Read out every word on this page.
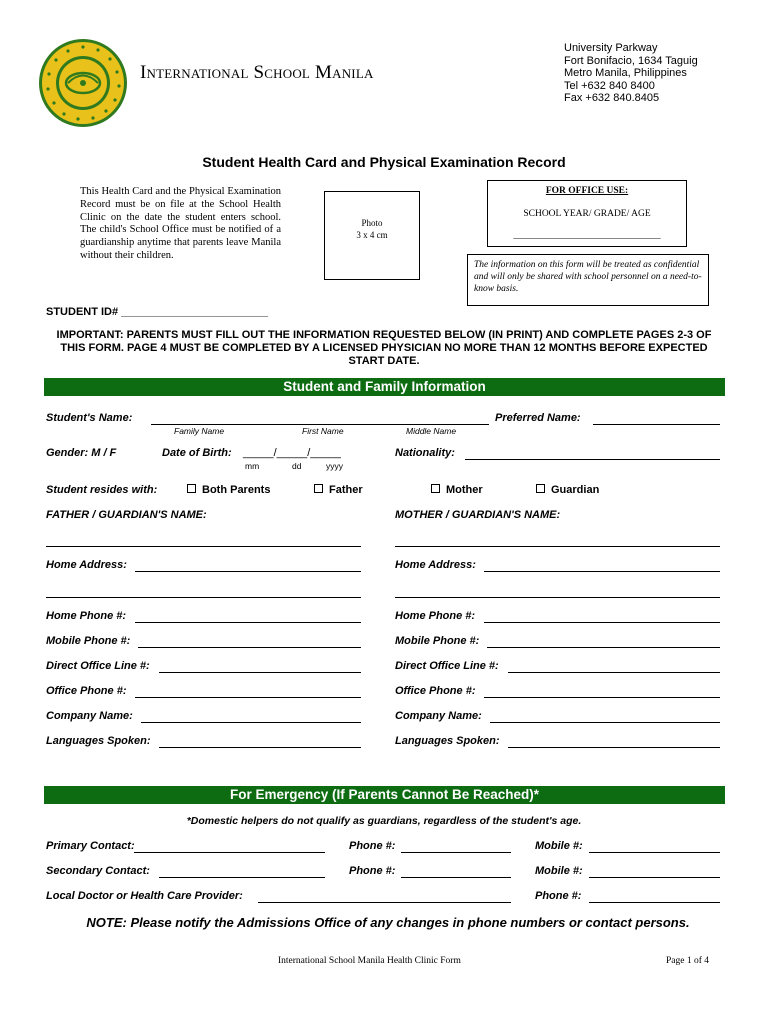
International School Manila
University Parkway
Fort Bonifacio, 1634 Taguig
Metro Manila, Philippines
Tel +632 840 8400
Fax +632 840.8405
Student Health Card and Physical Examination Record
This Health Card and the Physical Examination Record must be on file at the School Health Clinic on the date the student enters school. The child's School Office must be notified of a guardianship anytime that parents leave Manila without their children.
Photo
3 x 4 cm
FOR OFFICE USE:
SCHOOL YEAR/ GRADE/ AGE
_______________________________
The information on this form will be treated as confidential and will only be shared with school personnel on a need-to-know basis.
STUDENT ID# ________________________
IMPORTANT: PARENTS MUST FILL OUT THE INFORMATION REQUESTED BELOW (IN PRINT) AND COMPLETE PAGES 2-3 OF THIS FORM. PAGE 4 MUST BE COMPLETED BY A LICENSED PHYSICIAN NO MORE THAN 12 MONTHS BEFORE EXPECTED START DATE.
Student and Family Information
Student's Name:
Family Name	First Name	Middle Name
Preferred Name:
Gender: M / F	Date of Birth: _____/_____/_____
mm	dd	yyyy
Nationality:
Student resides with:	Both Parents	Father	Mother	Guardian
FATHER / GUARDIAN'S NAME:	MOTHER / GUARDIAN'S NAME:
Home Address:	Home Address:
Home Phone #:	Home Phone #:
Mobile Phone #:	Mobile Phone #:
Direct Office Line #:	Direct Office Line #:
Office Phone #:	Office Phone #:
Company Name:	Company Name:
Languages Spoken:	Languages Spoken:
For Emergency (If Parents Cannot Be Reached)*
*Domestic helpers do not qualify as guardians, regardless of the student's age.
Primary Contact:	Phone #:	Mobile #:
Secondary Contact:	Phone #:	Mobile #:
Local Doctor or Health Care Provider:	Phone #:
NOTE: Please notify the Admissions Office of any changes in phone numbers or contact persons.
International School Manila Health Clinic Form	Page 1 of 4
